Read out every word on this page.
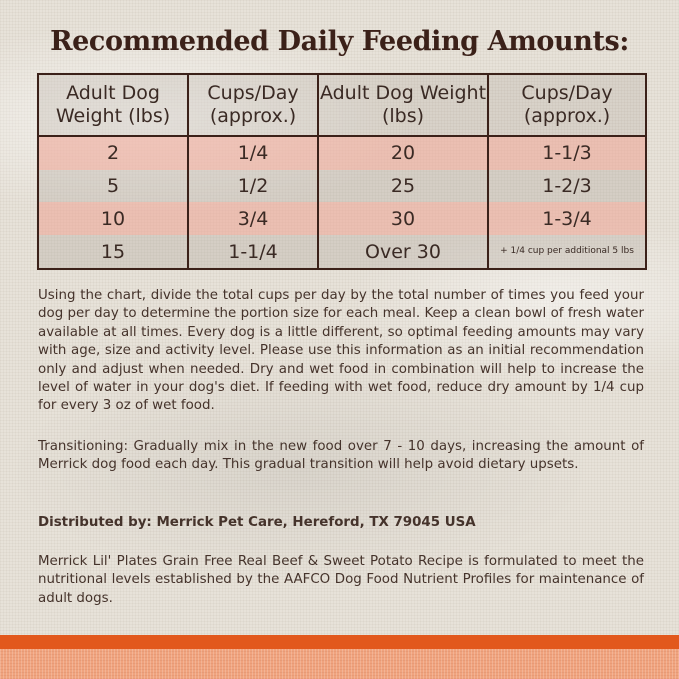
Recommended Daily Feeding Amounts:
Adult Dog Weight (lbs)	Cups/Day (approx.)	Adult Dog Weight (lbs)	Cups/Day (approx.)
2	1/4	20	1-1/3
5	1/2	25	1-2/3
10	3/4	30	1-3/4
15	1-1/4	Over 30	+ 1/4 cup per additional 5 lbs

Using the chart, divide the total cups per day by the total number of times you feed your dog per day to determine the portion size for each meal. Keep a clean bowl of fresh water available at all times. Every dog is a little different, so optimal feeding amounts may vary with age, size and activity level. Please use this information as an initial recommendation only and adjust when needed. Dry and wet food in combination will help to increase the level of water in your dog's diet. If feeding with wet food, reduce dry amount by 1/4 cup for every 3 oz of wet food.

Transitioning: Gradually mix in the new food over 7 - 10 days, increasing the amount of Merrick dog food each day. This gradual transition will help avoid dietary upsets.

Distributed by: Merrick Pet Care, Hereford, TX 79045 USA

Merrick Lil' Plates Grain Free Real Beef & Sweet Potato Recipe is formulated to meet the nutritional levels established by the AAFCO Dog Food Nutrient Profiles for maintenance of adult dogs.
